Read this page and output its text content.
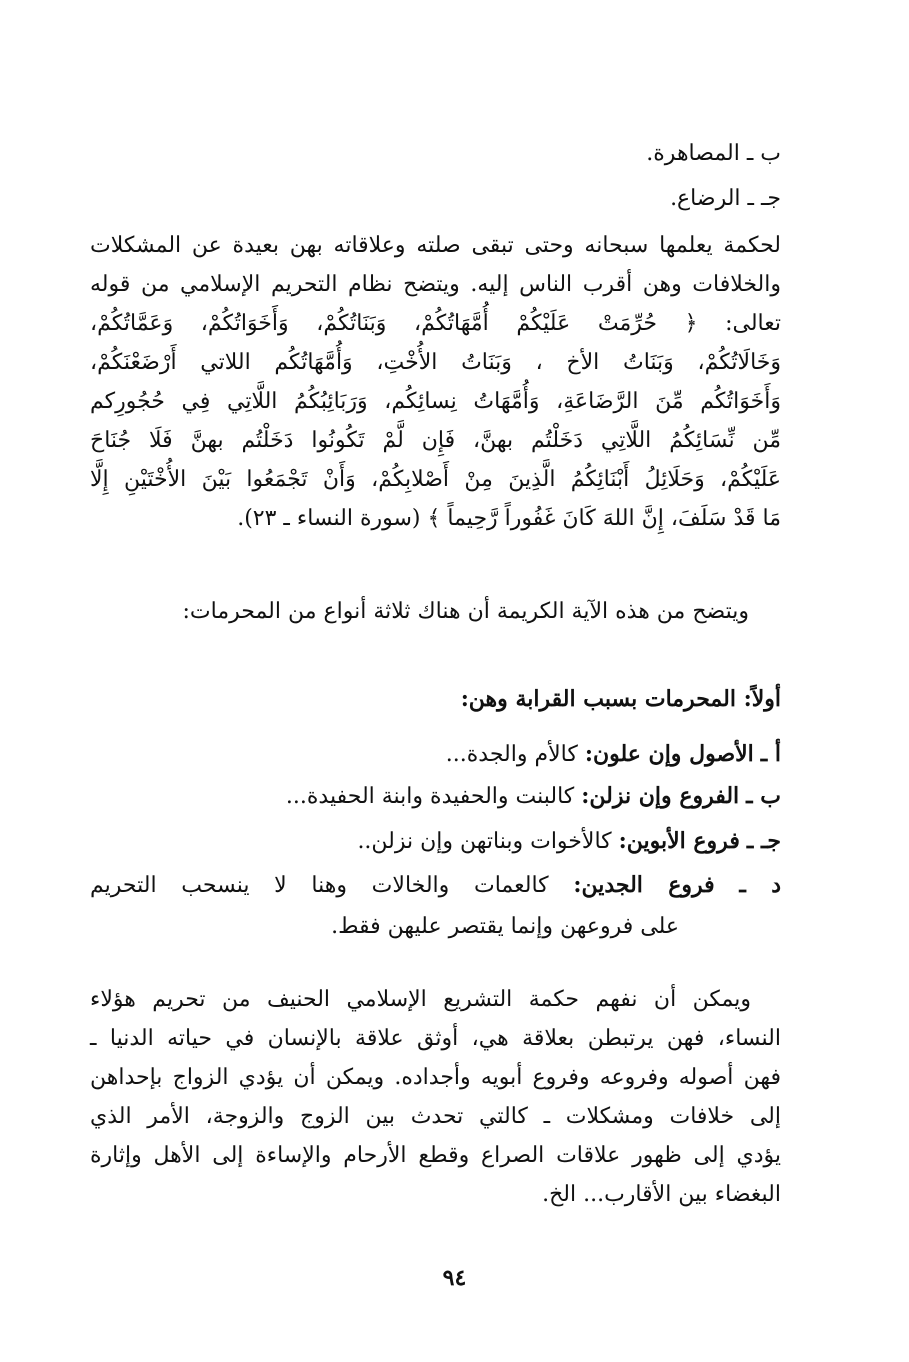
ب ـ المصاهرة.
جـ ـ الرضاع.
لحكمة يعلمها سبحانه وحتى تبقى صلته وعلاقاته بهن بعيدة عن المشكلات
والخلافات وهن أقرب الناس إليه. ويتضح نظام التحريم الإسلامي من قوله
تعالى: ﴿ حُرِّمَتْ عَلَيْكُمْ أُمَّهَاتُكُمْ، وَبَنَاتُكُمْ، وَأَخَوَاتُكُمْ، وَعَمَّاتُكُمْ،
وَخَالَاتُكُمْ، وَبَنَاتُ الأخ ، وَبَنَاتُ الأُخْتِ، وَأُمَّهَاتُكُم اللاتي أَرْضَعْنَكُمْ،
وَأَخَوَاتُكُم مِّنَ الرَّضَاعَةِ، وَأُمَّهَاتُ نِسائِكُم، وَرَبَائِبُكُمُ اللَّاتِي فِي حُجُورِكم
مِّن نِّسَائِكُمُ اللَّاتِي دَخَلْتُم بهنَّ، فَإِن لَّمْ تَكُونُوا دَخَلْتُم بهنَّ فَلَا جُنَاحَ
عَلَيْكُمْ، وَحَلَائِلُ أَبْنَائِكُمُ الَّذِينَ مِنْ أَصْلابِكُمْ، وَأَنْ تَجْمَعُوا بَيْنَ الأُخْتَيْنِ إِلَّا
مَا قَدْ سَلَفَ، إِنَّ اللهَ كَانَ غَفُوراً رَّحِيماً ﴾ (سورة النساء ـ ٢٣).
ويتضح من هذه الآية الكريمة أن هناك ثلاثة أنواع من المحرمات:
أولاً: المحرمات بسبب القرابة وهن:
أ ـ الأصول وإن علون: كالأم والجدة...
ب ـ الفروع وإن نزلن: كالبنت والحفيدة وابنة الحفيدة...
جـ ـ فروع الأبوين: كالأخوات وبناتهن وإن نزلن..
د ـ فروع الجدين: كالعمات والخالات وهنا لا ينسحب التحريم
على فروعهن وإنما يقتصر عليهن فقط.
ويمكن أن نفهم حكمة التشريع الإسلامي الحنيف من تحريم هؤلاء
النساء، فهن يرتبطن بعلاقة هي، أوثق علاقة بالإنسان في حياته الدنيا ـ
فهن أصوله وفروعه وفروع أبويه وأجداده. ويمكن أن يؤدي الزواج بإحداهن
إلى خلافات ومشكلات ـ كالتي تحدث بين الزوج والزوجة، الأمر الذي
يؤدي إلى ظهور علاقات الصراع وقطع الأرحام والإساءة إلى الأهل وإثارة
البغضاء بين الأقارب... الخ.
٩٤
